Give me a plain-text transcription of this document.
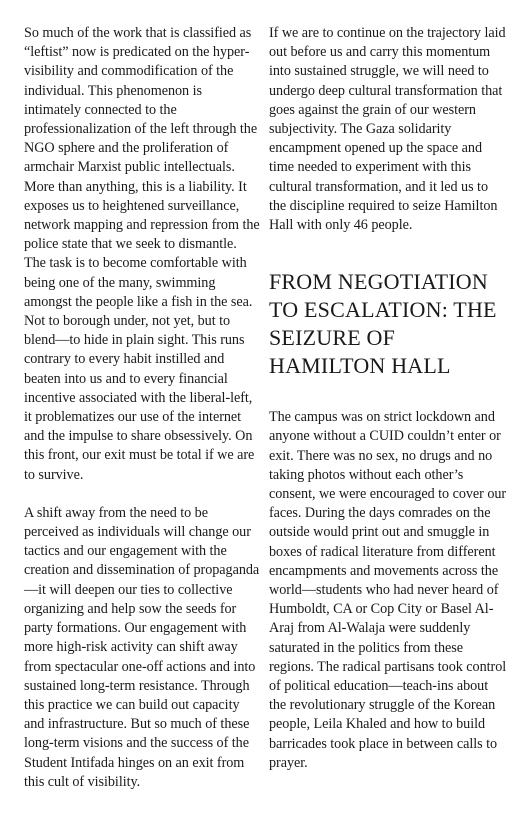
So much of the work that is classified as “leftist” now is predicated on the hyper-visibility and commodification of the individual. This phenomenon is intimately connected to the professionalization of the left through the NGO sphere and the proliferation of armchair Marxist public intellectuals. More than anything, this is a liability. It exposes us to heightened surveillance, network mapping and repression from the police state that we seek to dismantle. The task is to become comfortable with being one of the many, swimming amongst the people like a fish in the sea. Not to borough under, not yet, but to blend—to hide in plain sight. This runs contrary to every habit instilled and beaten into us and to every financial incentive associated with the liberal-left, it problematizes our use of the internet and the impulse to share obsessively. On this front, our exit must be total if we are to survive.

A shift away from the need to be perceived as individuals will change our tactics and our engagement with the creation and dissemination of propaganda—it will deepen our ties to collective organizing and help sow the seeds for party formations. Our engagement with more high-risk activity can shift away from spectacular one-off actions and into sustained long-term resistance. Through this practice we can build out capacity and infrastructure. But so much of these long-term visions and the success of the Student Intifada hinges on an exit from this cult of visibility.

If we are to continue on the trajectory laid out before us and carry this momentum into sustained struggle, we will need to undergo deep cultural transformation that goes against the grain of our western subjectivity. The Gaza solidarity encampment opened up the space and time needed to experiment with this cultural transformation, and it led us to the discipline required to seize Hamilton Hall with only 46 people.

FROM NEGOTIATION TO ESCALATION: THE SEIZURE OF HAMILTON HALL

The campus was on strict lockdown and anyone without a CUID couldn’t enter or exit. There was no sex, no drugs and no taking photos without each other’s consent, we were encouraged to cover our faces. During the days comrades on the outside would print out and smuggle in boxes of radical literature from different encampments and movements across the world—students who had never heard of Humboldt, CA or Cop City or Basel Al-Araj from Al-Walaja were suddenly saturated in the politics from these regions. The radical partisans took control of political education—teach-ins about the revolutionary struggle of the Korean people, Leila Khaled and how to build barricades took place in between calls to prayer.
